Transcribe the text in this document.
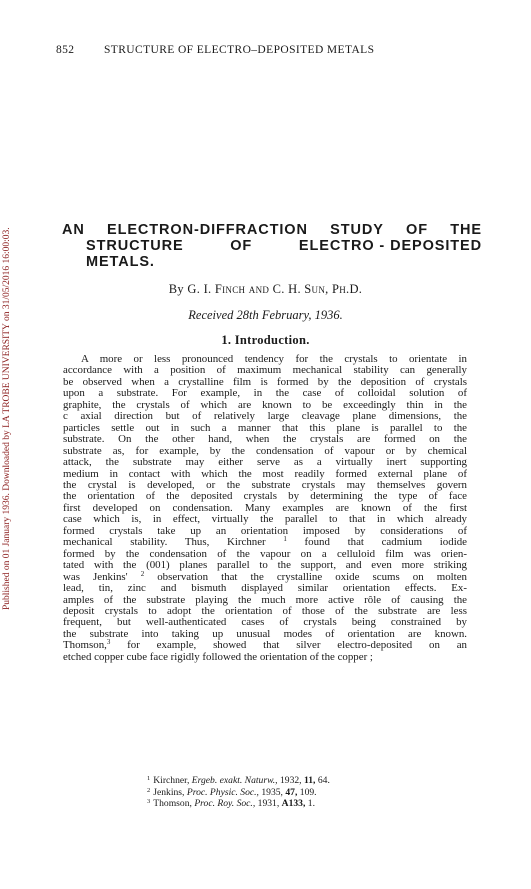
852	STRUCTURE OF ELECTRO–DEPOSITED METALS
Published on 01 January 1936. Downloaded by LA TROBE UNIVERSITY on 31/05/2016 16:00:03.	AN ELECTRON-DIFFRACTION STUDY OF THE
STRUCTURE	OF	ELECTRO - DEPOSITED
METALS.
By G. I. Finch and C. H. Sun, Ph.D.
Received 28th February, 1936.
1. Introduction.
A more or less pronounced tendency for the crystals to orientate in
accordance with a position of maximum mechanical stability can generally
be observed when a crystalline film is formed by the deposition of crystals
upon a substrate. For example, in the case of colloidal solution of
graphite, the crystals of which are known to be exceedingly thin in the
c axial direction but of relatively large cleavage plane dimensions, the
particles settle out in such a manner that this plane is parallel to the
substrate. On the other hand, when the crystals are formed on the
substrate as, for example, by the condensation of vapour or by chemical
attack, the substrate may either serve as a virtually inert supporting
medium in contact with which the most readily formed external plane of
the crystal is developed, or the substrate crystals may themselves govern
the orientation of the deposited crystals by determining the type of face
first developed on condensation. Many examples are known of the first
case which is, in effect, virtually the parallel to that in which already
formed crystals take up an orientation imposed by considerations of
mechanical stability. Thus, Kirchner $^1$ found that cadmium iodide
formed by the condensation of the vapour on a celluloid film was orien-
tated with the (001) planes parallel to the support, and even more striking
was Jenkins' $^2$ observation that the crystalline oxide scums on molten
lead, tin, zinc and bismuth displayed similar orientation effects. Ex-
amples of the substrate playing the much more active rôle of causing the
deposit crystals to adopt the orientation of those of the substrate are less
frequent, but well-authenticated cases of crystals being constrained by
the substrate into taking up unusual modes of orientation are known.
Thomson,$^3$ for example, showed that silver electro-deposited on an
etched copper cube face rigidly followed the orientation of the copper ;
$^1$ Kirchner, Ergeb. exakt. Naturw., 1932, 11, 64.
$^2$ Jenkins, Proc. Physic. Soc., 1935, 47, 109.
$^3$ Thomson, Proc. Roy. Soc., 1931, A133, 1.
